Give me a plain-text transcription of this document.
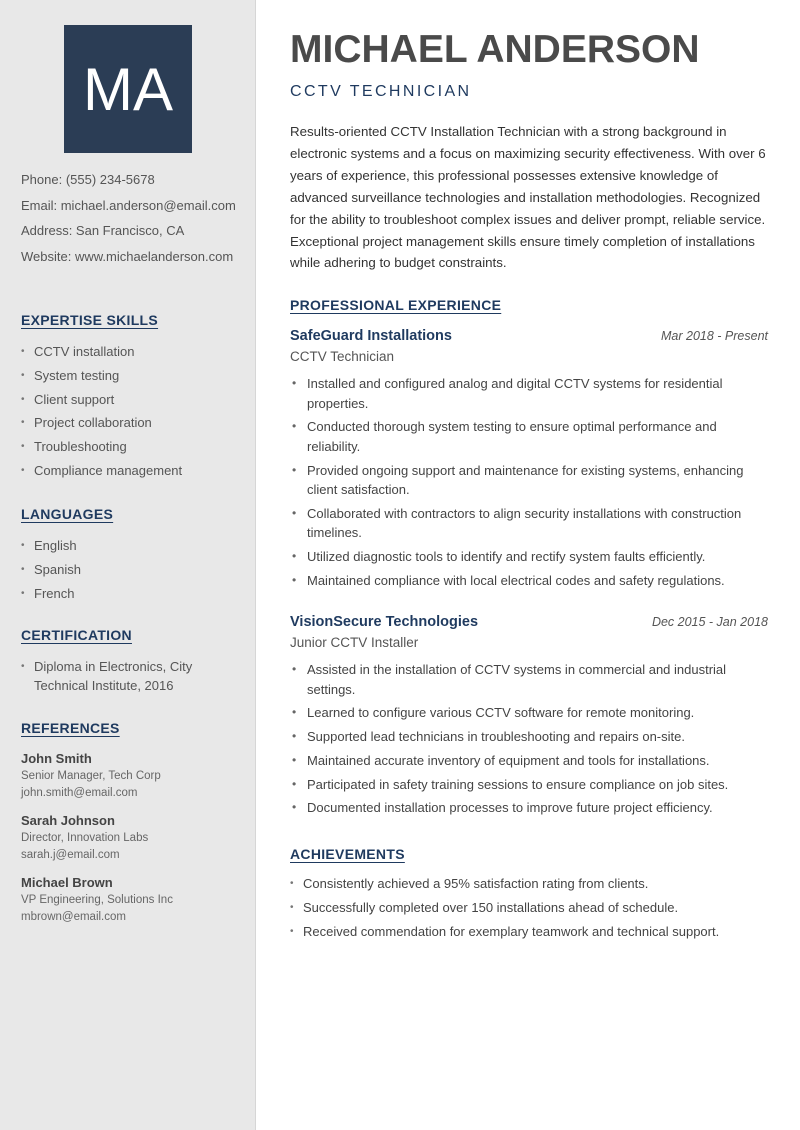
MA
Phone: (555) 234-5678
Email: michael.anderson@email.com
Address: San Francisco, CA
Website: www.michaelanderson.com
EXPERTISE SKILLS
• CCTV installation
• System testing
• Client support
• Project collaboration
• Troubleshooting
• Compliance management
LANGUAGES
• English
• Spanish
• French
CERTIFICATION
• Diploma in Electronics, City Technical Institute, 2016
REFERENCES
John Smith
Senior Manager, Tech Corp
john.smith@email.com
Sarah Johnson
Director, Innovation Labs
sarah.j@email.com
Michael Brown
VP Engineering, Solutions Inc
mbrown@email.com
MICHAEL ANDERSON
CCTV TECHNICIAN

Results-oriented CCTV Installation Technician with a strong background in electronic systems and a focus on maximizing security effectiveness. With over 6 years of experience, this professional possesses extensive knowledge of advanced surveillance technologies and installation methodologies. Recognized for the ability to troubleshoot complex issues and deliver prompt, reliable service. Exceptional project management skills ensure timely completion of installations while adhering to budget constraints.

PROFESSIONAL EXPERIENCE
SafeGuard Installations	Mar 2018 - Present
CCTV Technician
• Installed and configured analog and digital CCTV systems for residential properties.
• Conducted thorough system testing to ensure optimal performance and reliability.
• Provided ongoing support and maintenance for existing systems, enhancing client satisfaction.
• Collaborated with contractors to align security installations with construction timelines.
• Utilized diagnostic tools to identify and rectify system faults efficiently.
• Maintained compliance with local electrical codes and safety regulations.
VisionSecure Technologies	Dec 2015 - Jan 2018
Junior CCTV Installer
• Assisted in the installation of CCTV systems in commercial and industrial settings.
• Learned to configure various CCTV software for remote monitoring.
• Supported lead technicians in troubleshooting and repairs on-site.
• Maintained accurate inventory of equipment and tools for installations.
• Participated in safety training sessions to ensure compliance on job sites.
• Documented installation processes to improve future project efficiency.
ACHIEVEMENTS
• Consistently achieved a 95% satisfaction rating from clients.
• Successfully completed over 150 installations ahead of schedule.
• Received commendation for exemplary teamwork and technical support.
